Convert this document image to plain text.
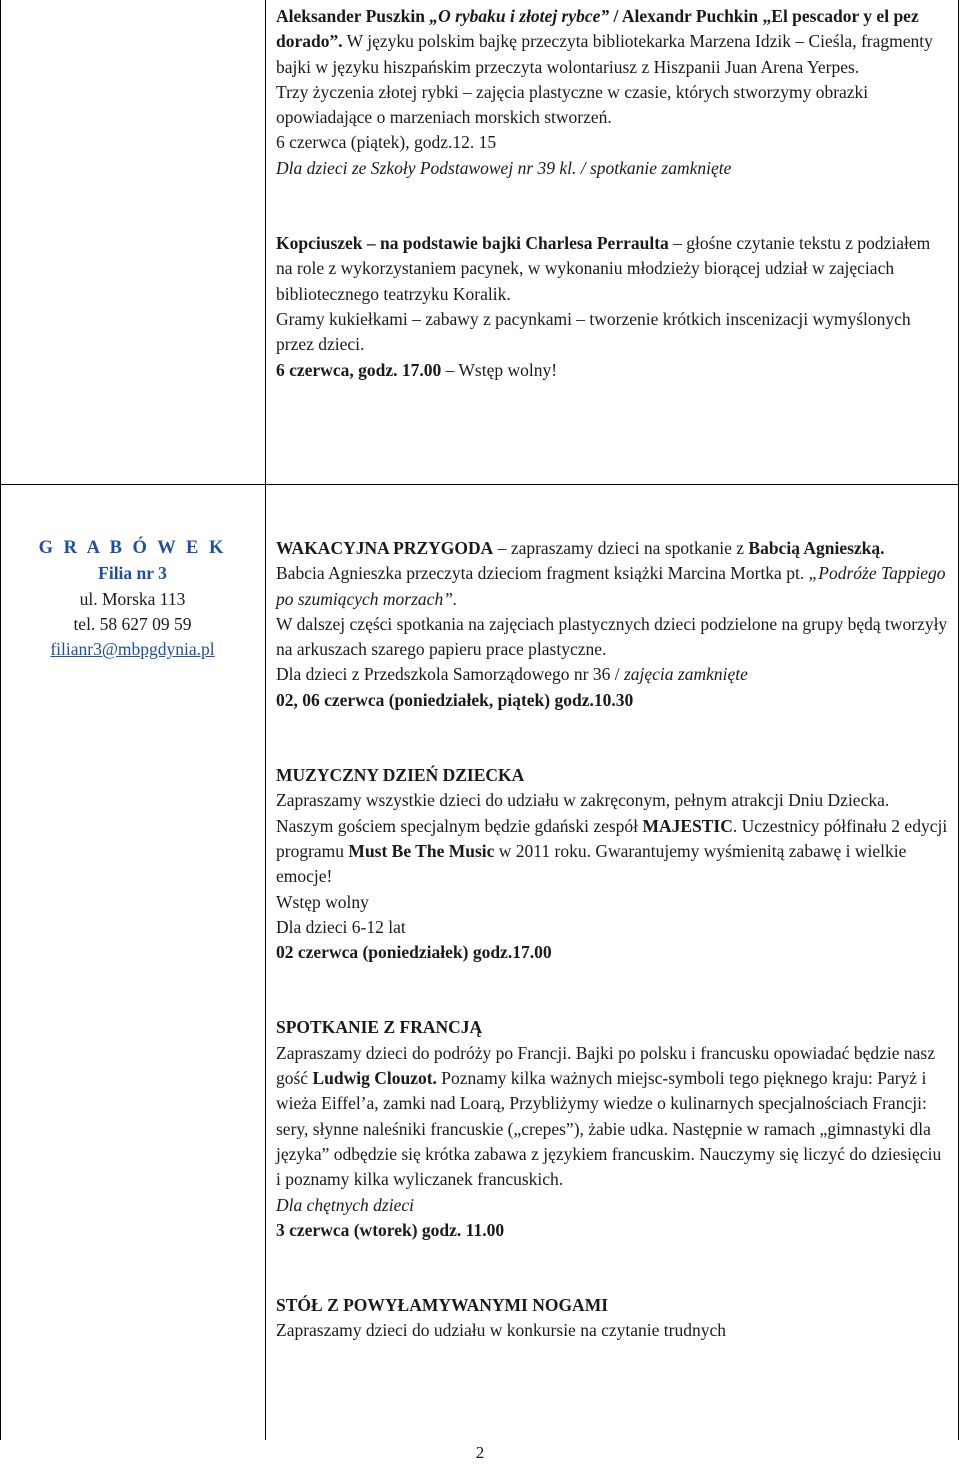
Aleksander Puszkin „O rybaku i złotej rybce” / Alexandr Puchkin „El pescador y el pez dorado”. W języku polskim bajkę przeczyta bibliotekarka Marzena Idzik – Cieśla, fragmenty bajki w języku hiszpańskim przeczyta wolontariusz z Hiszpanii Juan Arena Yerpes.

Trzy życzenia złotej rybki – zajęcia plastyczne w czasie, których stworzymy obrazki opowiadające o marzeniach morskich stworzeń.

6 czerwca (piątek), godz.12. 15

Dla dzieci ze Szkoły Podstawowej nr 39 kl. / spotkanie zamknięte

Kopciuszek – na podstawie bajki Charlesa Perraulta – głośne czytanie tekstu z podziałem na role z wykorzystaniem pacynek, w wykonaniu młodzieży biorącej udział w zajęciach bibliotecznego teatrzyku Koralik.

Gramy kukiełkami – zabawy z pacynkami – tworzenie krótkich inscenizacji wymyślonych przez dzieci.

6 czerwca, godz. 17.00 – Wstęp wolny!

G R A B Ó W E K

Filia nr 3

ul. Morska 113

tel. 58 627 09 59

filianr3@mbpgdynia.pl

WAKACYJNA PRZYGODA – zapraszamy dzieci na spotkanie z Babcią Agnieszką.

Babcia Agnieszka przeczyta dzieciom fragment książki Marcina Mortka pt. „Podróże Tappiego po szumiących morzach”.

W dalszej części spotkania na zajęciach plastycznych dzieci podzielone na grupy będą tworzyły na arkuszach szarego papieru prace plastyczne.

Dla dzieci z Przedszkola Samorządowego nr 36 / zajęcia zamknięte

02, 06 czerwca (poniedziałek, piątek) godz.10.30

MUZYCZNY DZIEŃ DZIECKA

Zapraszamy wszystkie dzieci do udziału w zakręconym, pełnym atrakcji Dniu Dziecka. Naszym gościem specjalnym będzie gdański zespół MAJESTIC. Uczestnicy półfinału 2 edycji programu Must Be The Music w 2011 roku. Gwarantujemy wyśmienitą zabawę i wielkie emocje!

Wstęp wolny

Dla dzieci 6-12 lat

02 czerwca (poniedziałek) godz.17.00

SPOTKANIE Z FRANCJĄ

Zapraszamy dzieci do podróży po Francji. Bajki po polsku i francusku opowiadać będzie nasz gość Ludwig Clouzot. Poznamy kilka ważnych miejsc-symboli tego pięknego kraju: Paryż i wieża Eiffel’a, zamki nad Loarą, Przybliżymy wiedze o kulinarnych specjalnościach Francji: sery, słynne naleśniki francuskie („crepes”), żabie udka. Następnie w ramach „gimnastyki dla języka” odbędzie się krótka zabawa z językiem francuskim. Nauczymy się liczyć do dziesięciu i poznamy kilka wyliczanek francuskich.

Dla chętnych dzieci

3 czerwca (wtorek) godz. 11.00

STÓŁ Z POWYŁAMYWANYMI NOGAMI

Zapraszamy dzieci do udziału w konkursie na czytanie trudnych

2
